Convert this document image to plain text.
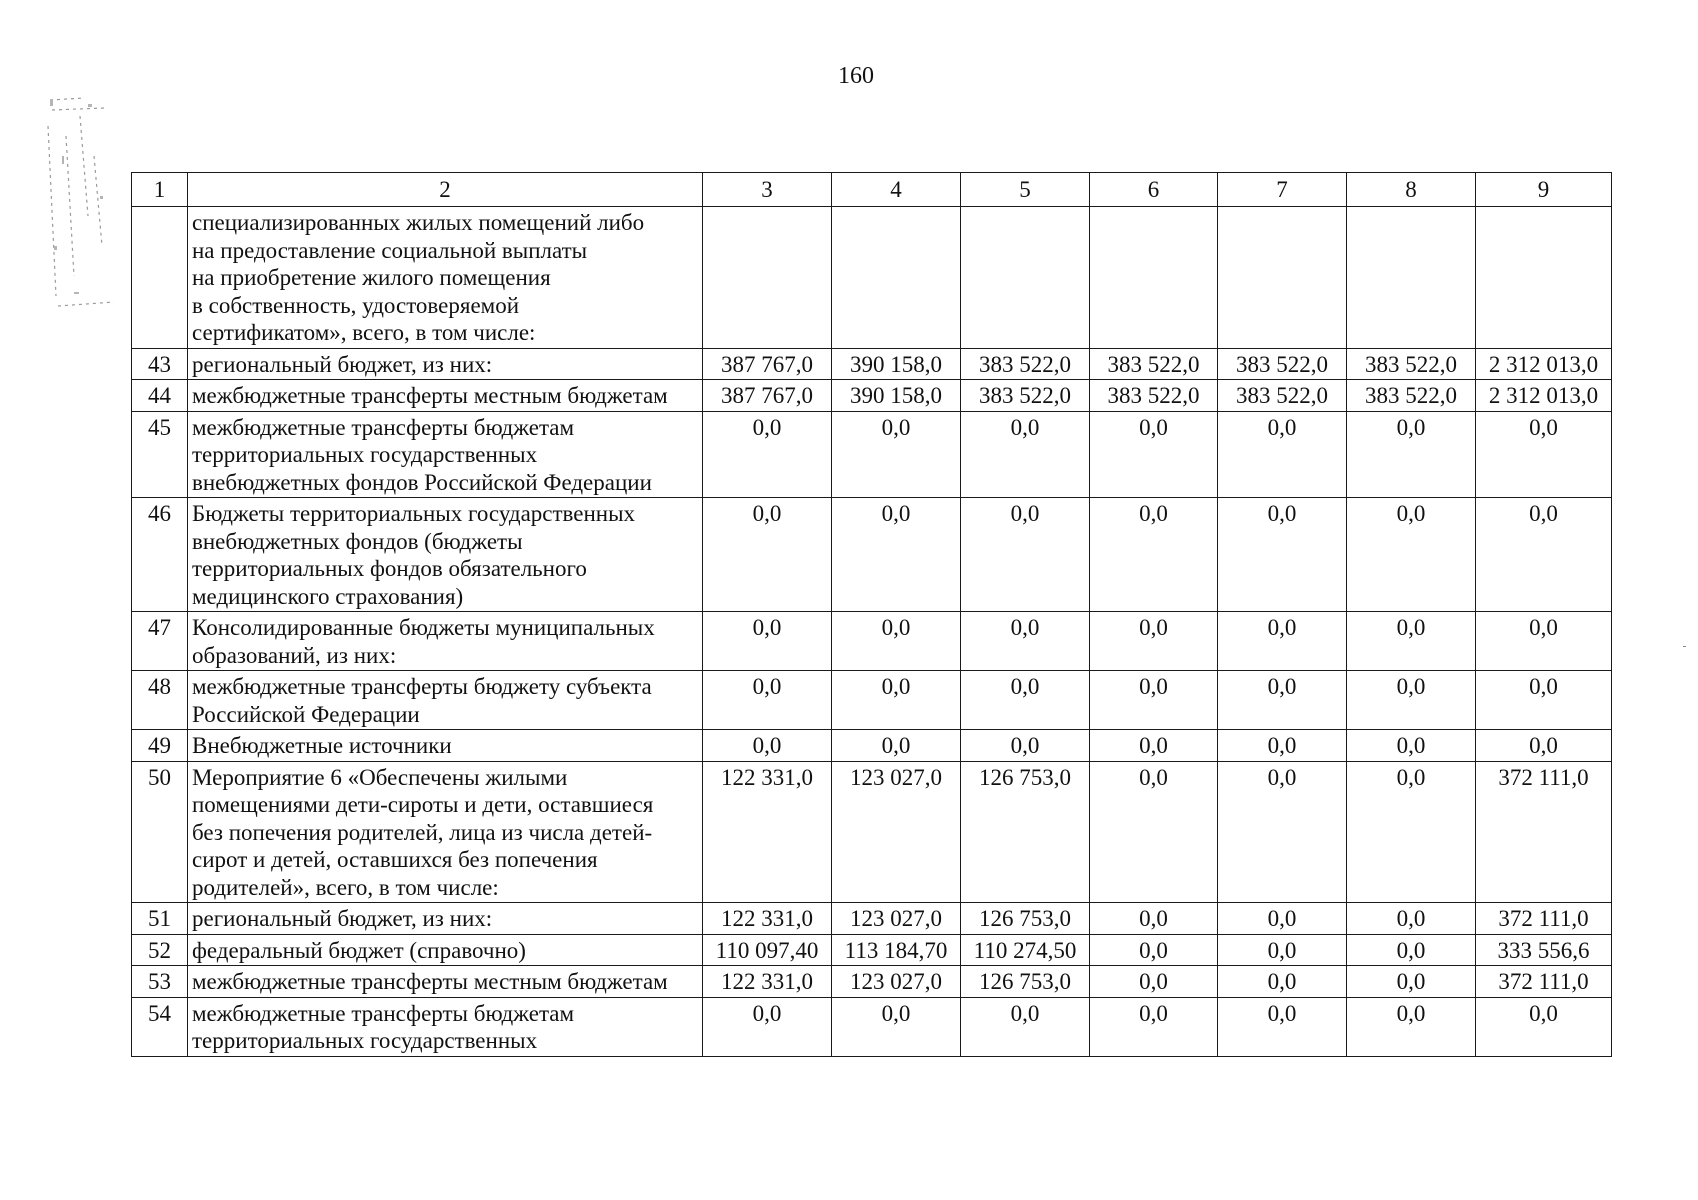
160
1	2	3	4	5	6	7	8	9
	специализированных жилых помещений либо
на предоставление социальной выплаты
на приобретение жилого помещения
в собственность, удостоверяемой
сертификатом», всего, в том числе:							
43	региональный бюджет, из них:	387 767,0	390 158,0	383 522,0	383 522,0	383 522,0	383 522,0	2 312 013,0
44	межбюджетные трансферты местным бюджетам	387 767,0	390 158,0	383 522,0	383 522,0	383 522,0	383 522,0	2 312 013,0
45	межбюджетные трансферты бюджетам
территориальных государственных
внебюджетных фондов Российской Федерации	0,0	0,0	0,0	0,0	0,0	0,0	0,0
46	Бюджеты территориальных государственных
внебюджетных фондов (бюджеты
территориальных фондов обязательного
медицинского страхования)	0,0	0,0	0,0	0,0	0,0	0,0	0,0
47	Консолидированные бюджеты муниципальных
образований, из них:	0,0	0,0	0,0	0,0	0,0	0,0	0,0
48	межбюджетные трансферты бюджету субъекта
Российской Федерации	0,0	0,0	0,0	0,0	0,0	0,0	0,0
49	Внебюджетные источники	0,0	0,0	0,0	0,0	0,0	0,0	0,0
50	Мероприятие 6 «Обеспечены жилыми
помещениями дети-сироты и дети, оставшиеся
без попечения родителей, лица из числа детей-
сирот и детей, оставшихся без попечения
родителей», всего, в том числе:	122 331,0	123 027,0	126 753,0	0,0	0,0	0,0	372 111,0
51	региональный бюджет, из них:	122 331,0	123 027,0	126 753,0	0,0	0,0	0,0	372 111,0
52	федеральный бюджет (справочно)	110 097,40	113 184,70	110 274,50	0,0	0,0	0,0	333 556,6
53	межбюджетные трансферты местным бюджетам	122 331,0	123 027,0	126 753,0	0,0	0,0	0,0	372 111,0
54	межбюджетные трансферты бюджетам
территориальных государственных	0,0	0,0	0,0	0,0	0,0	0,0	0,0
